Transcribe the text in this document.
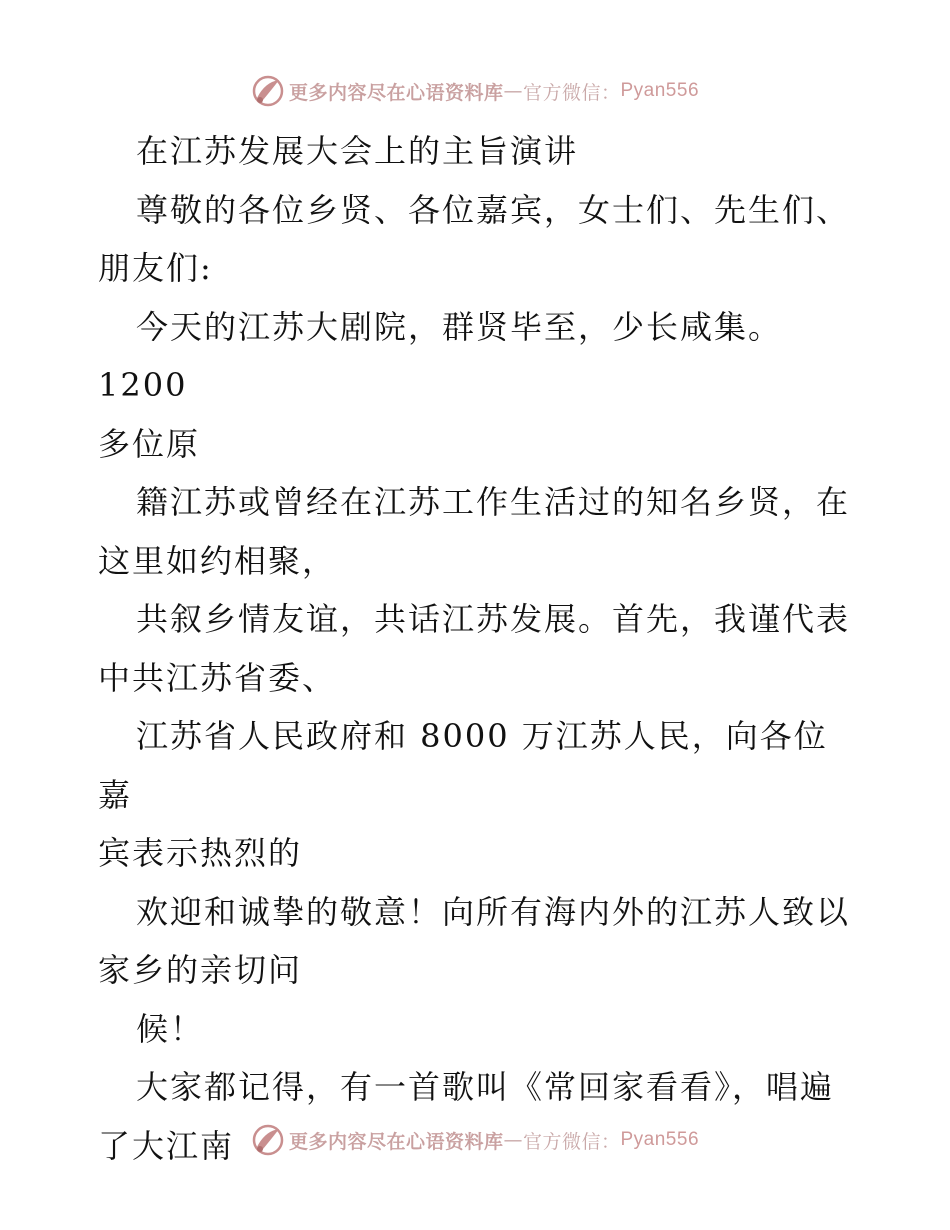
更多内容尽在心语资料库 — 官方微信： Pyan556

在江苏发展大会上的主旨演讲

尊敬的各位乡贤、各位嘉宾，女士们、先生们、
朋友们:

今天的江苏大剧院，群贤毕至，少长咸集。1200
多位原

籍江苏或曾经在江苏工作生活过的知名乡贤，在
这里如约相聚，

共叙乡情友谊，共话江苏发展。首先，我谨代表
中共江苏省委、

江苏省人民政府和 8000 万江苏人民，向各位嘉
宾表示热烈的

欢迎和诚挚的敬意！向所有海内外的江苏人致以
家乡的亲切问

候！

大家都记得，有一首歌叫《常回家看看》，唱遍
了大江南	更多内容尽在心语资料库 — 官方微信： Pyan556
